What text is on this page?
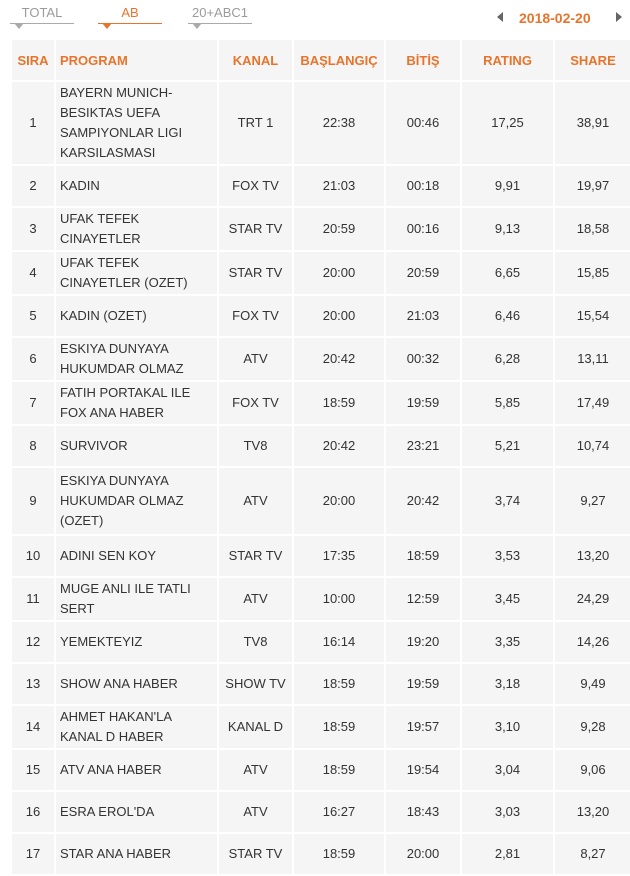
TOTAL	AB	20+ABC1	2018-02-20
SIRA	PROGRAM	KANAL	BAŞLANGIÇ	BİTİŞ	RATING	SHARE
1	BAYERN MUNICH-BESIKTAS UEFA SAMPIYONLAR LIGI KARSILASMASI	TRT 1	22:38	00:46	17,25	38,91
2	KADIN	FOX TV	21:03	00:18	9,91	19,97
3	UFAK TEFEK CINAYETLER	STAR TV	20:59	00:16	9,13	18,58
4	UFAK TEFEK CINAYETLER (OZET)	STAR TV	20:00	20:59	6,65	15,85
5	KADIN (OZET)	FOX TV	20:00	21:03	6,46	15,54
6	ESKIYA DUNYAYA HUKUMDAR OLMAZ	ATV	20:42	00:32	6,28	13,11
7	FATIH PORTAKAL ILE FOX ANA HABER	FOX TV	18:59	19:59	5,85	17,49
8	SURVIVOR	TV8	20:42	23:21	5,21	10,74
9	ESKIYA DUNYAYA HUKUMDAR OLMAZ (OZET)	ATV	20:00	20:42	3,74	9,27
10	ADINI SEN KOY	STAR TV	17:35	18:59	3,53	13,20
11	MUGE ANLI ILE TATLI SERT	ATV	10:00	12:59	3,45	24,29
12	YEMEKTEYIZ	TV8	16:14	19:20	3,35	14,26
13	SHOW ANA HABER	SHOW TV	18:59	19:59	3,18	9,49
14	AHMET HAKAN'LA KANAL D HABER	KANAL D	18:59	19:57	3,10	9,28
15	ATV ANA HABER	ATV	18:59	19:54	3,04	9,06
16	ESRA EROL'DA	ATV	16:27	18:43	3,03	13,20
17	STAR ANA HABER	STAR TV	18:59	20:00	2,81	8,27
